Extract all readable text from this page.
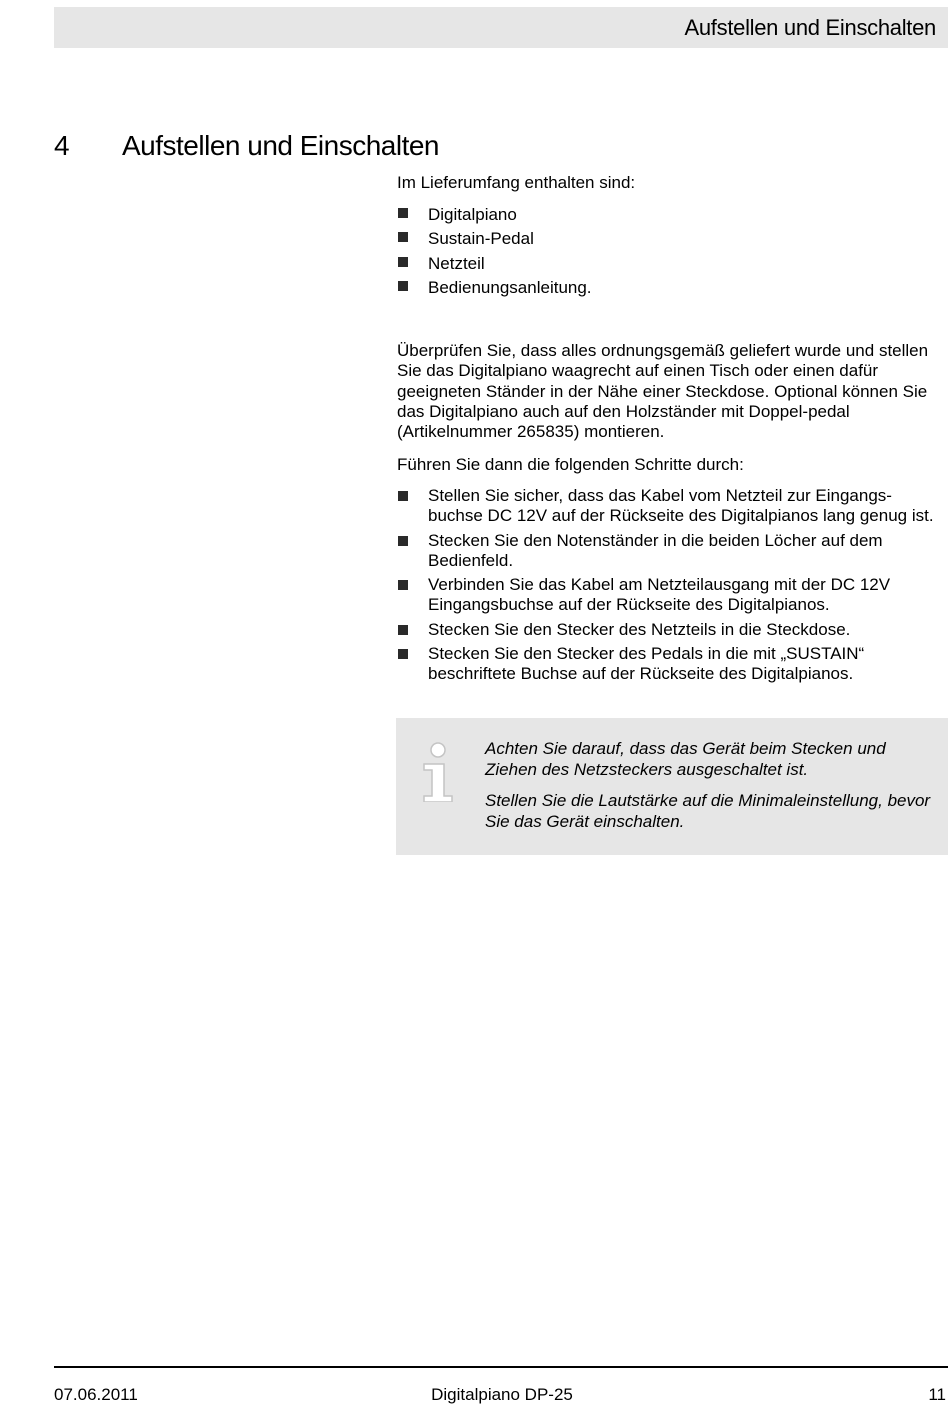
Aufstellen und Einschalten
4 Aufstellen und Einschalten
Im Lieferumfang enthalten sind:
Digitalpiano
Sustain-Pedal
Netzteil
Bedienungsanleitung.
Überprüfen Sie, dass alles ordnungsgemäß geliefert wurde und stellen Sie das Digitalpiano waagrecht auf einen Tisch oder einen dafür geeigneten Ständer in der Nähe einer Steckdose. Optional können Sie das Digitalpiano auch auf den Holzständer mit Doppel-pedal (Artikelnummer 265835) montieren.
Führen Sie dann die folgenden Schritte durch:
Stellen Sie sicher, dass das Kabel vom Netzteil zur Eingangs-buchse DC 12V auf der Rückseite des Digitalpianos lang genug ist.
Stecken Sie den Notenständer in die beiden Löcher auf dem Bedienfeld.
Verbinden Sie das Kabel am Netzteilausgang mit der DC 12V Eingangsbuchse auf der Rückseite des Digitalpianos.
Stecken Sie den Stecker des Netzteils in die Steckdose.
Stecken Sie den Stecker des Pedals in die mit „SUSTAIN“ beschriftete Buchse auf der Rückseite des Digitalpianos.

Achten Sie darauf, dass das Gerät beim Stecken und Ziehen des Netzsteckers ausgeschaltet ist.

Stellen Sie die Lautstärke auf die Minimaleinstellung, bevor Sie das Gerät einschalten.

07.06.2011	Digitalpiano DP-25	11
